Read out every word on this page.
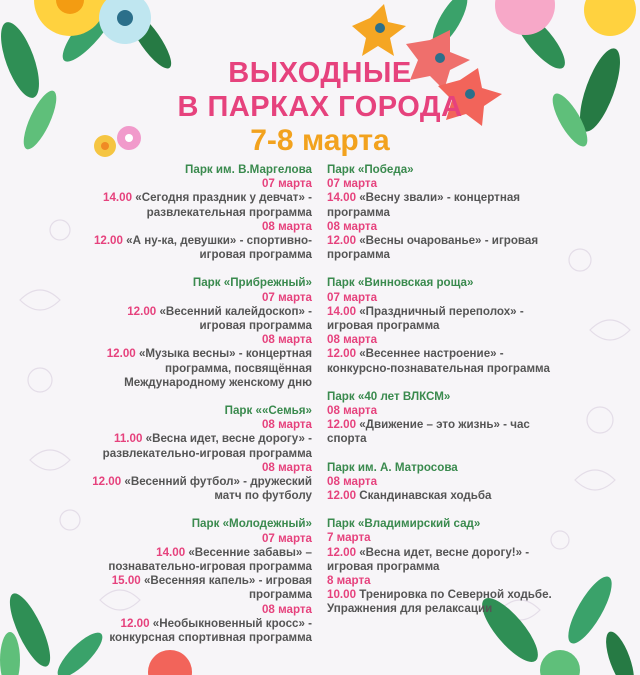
ВЫХОДНЫЕ
В ПАРКАХ ГОРОДА
7-8 марта
Парк им. В.Маргелова
07 марта
14.00 «Сегодня праздник у девчат» - развлекательная программа
08 марта
12.00 «А ну-ка, девушки» - спортивно-игровая программа
Парк «Прибрежный»
07 марта
12.00 «Весенний калейдоскоп» - игровая программа
08 марта
12.00 «Музыка весны» - концертная программа, посвящённая Международному женскому дню
Парк ««Семья»
08 марта
11.00 «Весна идет, весне дорогу» - развлекательно-игровая программа
08 марта
12.00 «Весенний футбол» - дружеский матч по футболу
Парк «Молодежный»
07 марта
14.00 «Весенние забавы» – познавательно-игровая программа
15.00 «Весенняя капель» - игровая программа
08 марта
12.00 «Необыкновенный кросс» - конкурсная спортивная программа
Парк «Победа»
07 марта
14.00 «Весну звали» - концертная программа
08 марта
12.00 «Весны очарованье» - игровая программа
Парк «Винновская роща»
07 марта
14.00 «Праздничный переполох» - игровая программа
08 марта
12.00 «Весеннее настроение» - конкурсно-познавательная программа
Парк «40 лет ВЛКСМ»
08 марта
12.00 «Движение – это жизнь» - час спорта
Парк им. А. Матросова
08 марта
12.00 Скандинавская ходьба
Парк «Владимирский сад»
7 марта
12.00 «Весна идет, весне дорогу!» - игровая программа
8 марта
10.00 Тренировка по Северной ходьбе. Упражнения для релаксации
